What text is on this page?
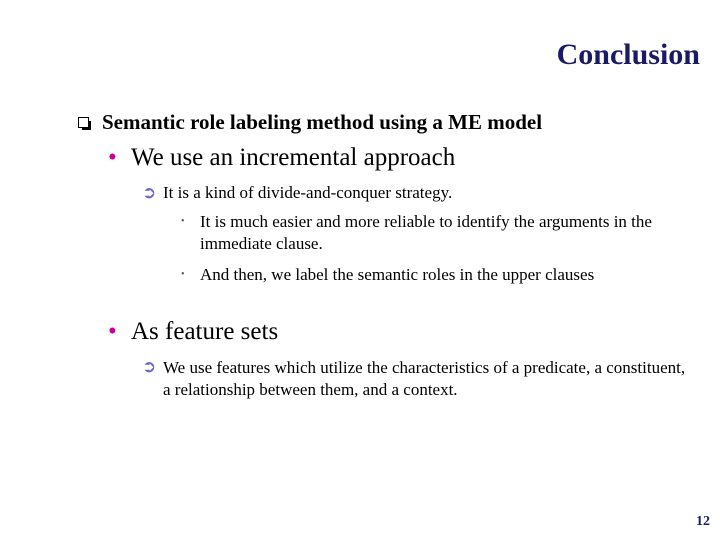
Conclusion
Semantic role labeling method using a ME model
• We use an incremental approach
➲ It is a kind of divide-and-conquer strategy.
• It is much easier and more reliable to identify the arguments in the immediate clause.
• And then, we label the semantic roles in the upper clauses
• As feature sets
➲ We use features which utilize the characteristics of a predicate, a constituent, a relationship between them, and a context.
12
